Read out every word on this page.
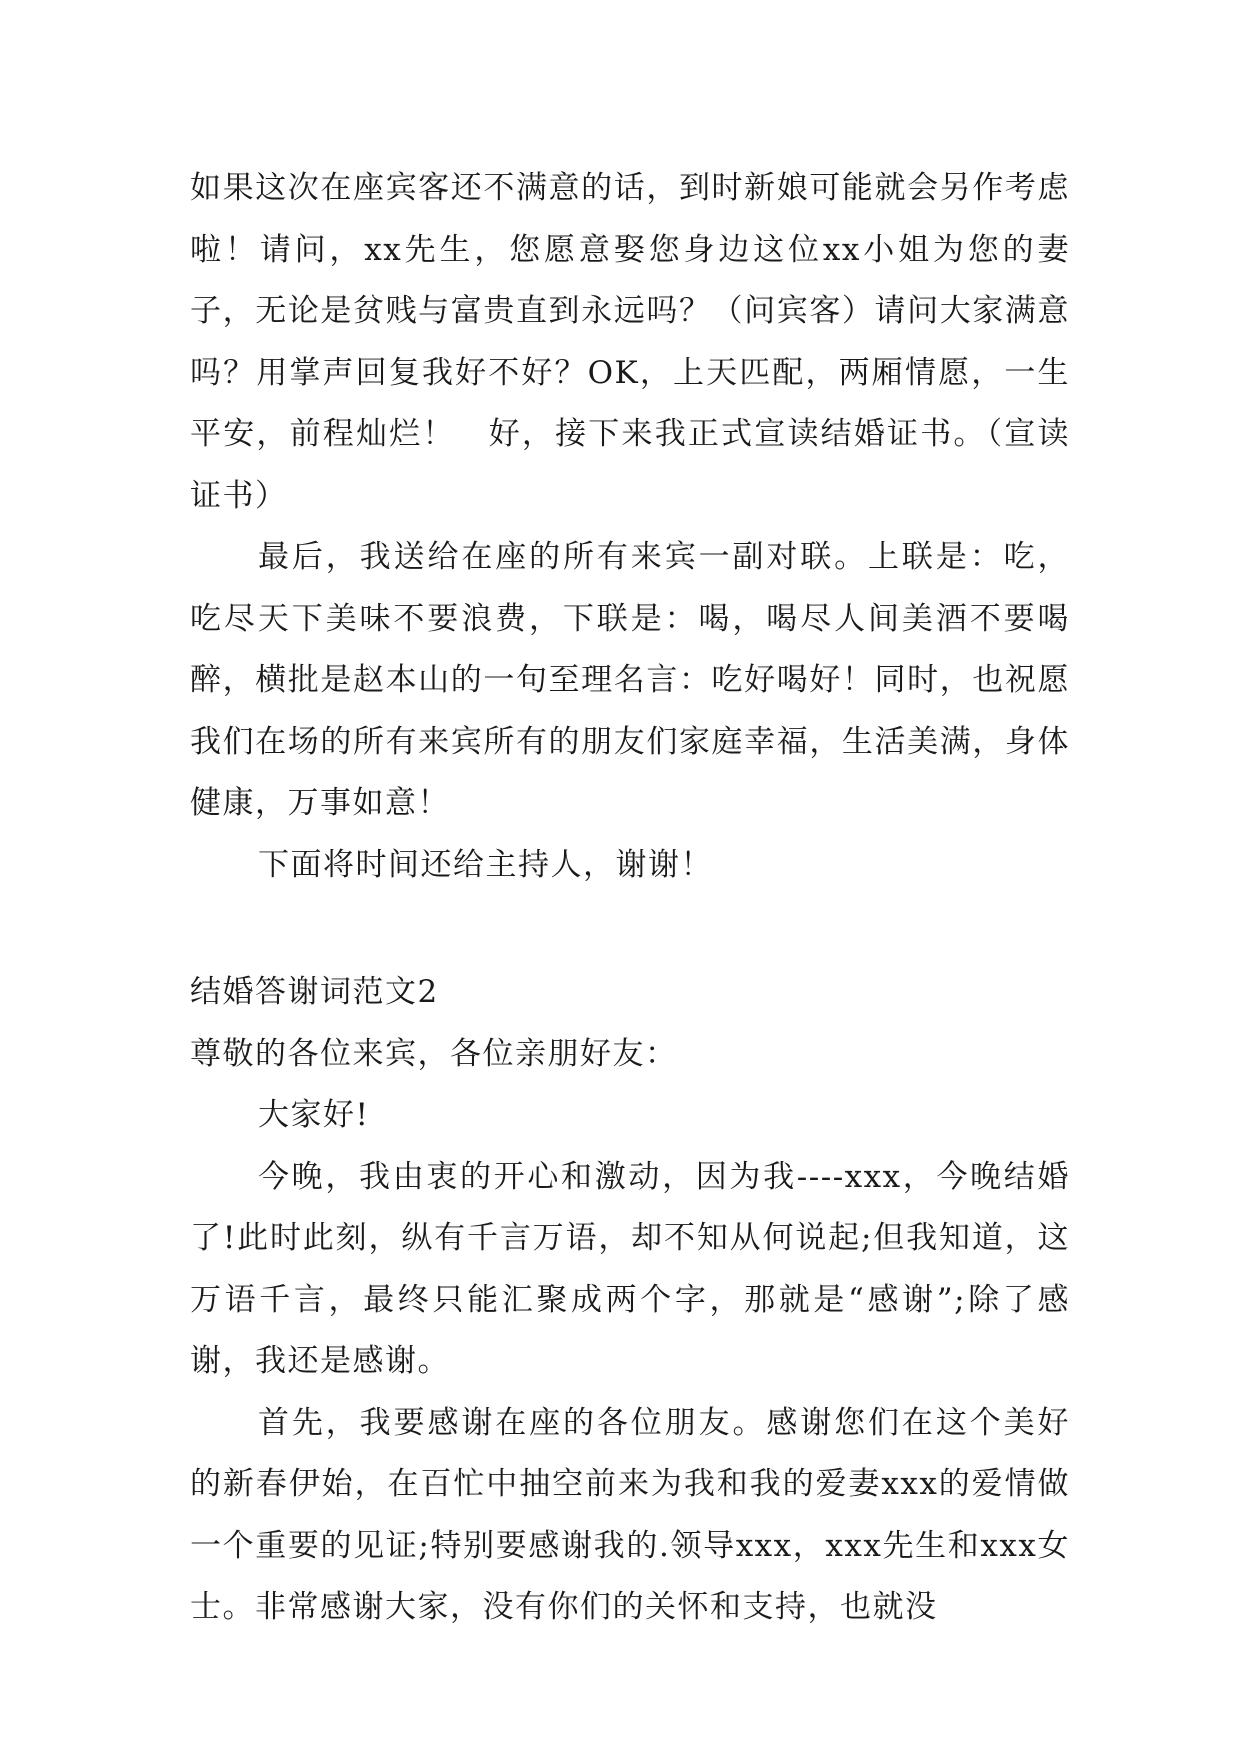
如果这次在座宾客还不满意的话，到时新娘可能就会另作考虑啦！请问，xx先生，您愿意娶您身边这位xx小姐为您的妻子，无论是贫贱与富贵直到永远吗？（问宾客）请问大家满意吗？用掌声回复我好不好？OK，上天匹配，两厢情愿，一生平安，前程灿烂！　好，接下来我正式宣读结婚证书。（宣读证书）

最后，我送给在座的所有来宾一副对联。上联是：吃，吃尽天下美味不要浪费，下联是：喝，喝尽人间美酒不要喝醉，横批是赵本山的一句至理名言：吃好喝好！同时，也祝愿我们在场的所有来宾所有的朋友们家庭幸福，生活美满，身体健康，万事如意！

下面将时间还给主持人，谢谢！

结婚答谢词范文2

尊敬的各位来宾，各位亲朋好友：

大家好!

今晚，我由衷的开心和激动，因为我----xxx，今晚结婚了!此时此刻，纵有千言万语，却不知从何说起;但我知道，这万语千言，最终只能汇聚成两个字，那就是“感谢”;除了感谢，我还是感谢。

首先，我要感谢在座的各位朋友。感谢您们在这个美好的新春伊始，在百忙中抽空前来为我和我的爱妻xxx的爱情做一个重要的见证;特别要感谢我的.领导xxx，xxx先生和xxx女士。非常感谢大家，没有你们的关怀和支持，也就没
